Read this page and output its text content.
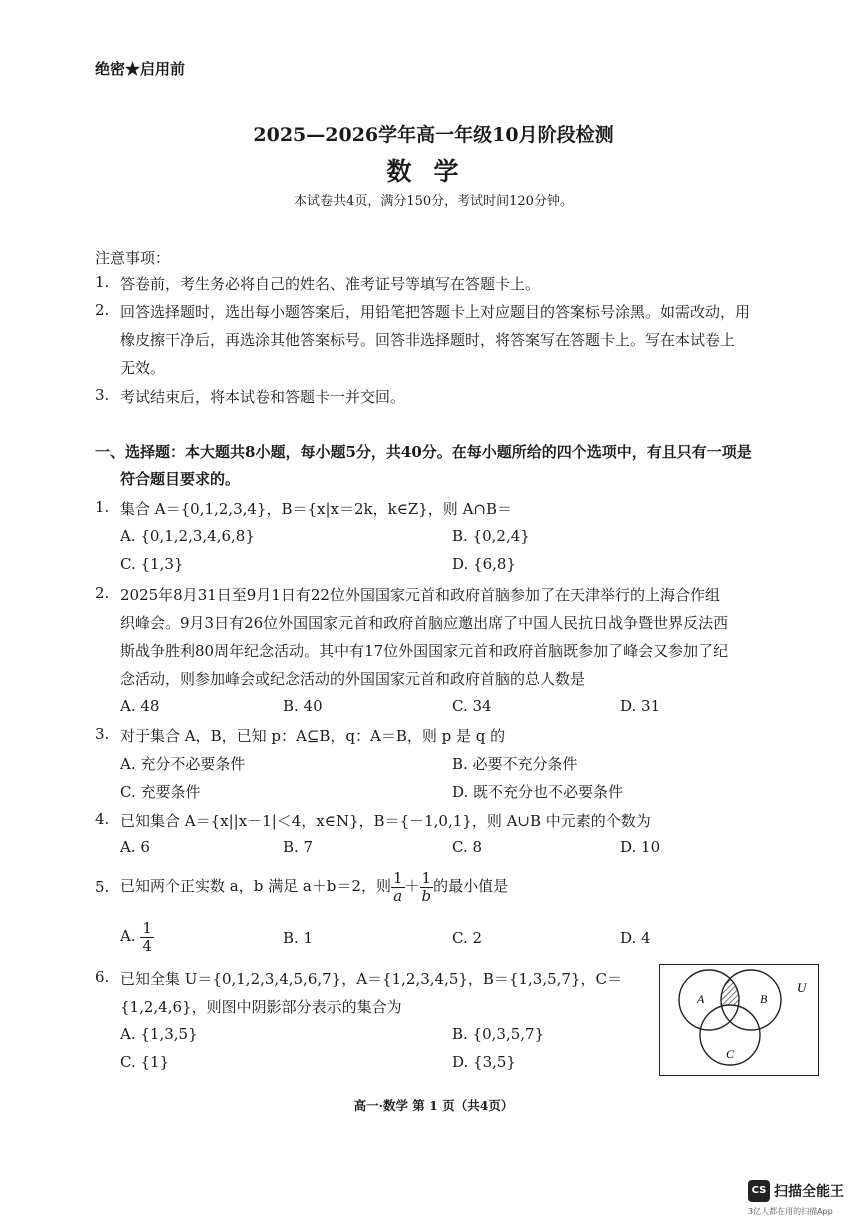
绝密★启用前
2025—2026学年高一年级10月阶段检测
数学
本试卷共4页，满分150分，考试时间120分钟。
注意事项：
1. 答卷前，考生务必将自己的姓名、准考证号等填写在答题卡上。
2. 回答选择题时，选出每小题答案后，用铅笔把答题卡上对应题目的答案标号涂黑。如需改动，用
橡皮擦干净后，再选涂其他答案标号。回答非选择题时，将答案写在答题卡上。写在本试卷上
无效。
3. 考试结束后，将本试卷和答题卡一并交回。
一、选择题：本大题共8小题，每小题5分，共40分。在每小题所给的四个选项中，有且只有一项是
符合题目要求的。
1. 集合 A＝{0,1,2,3,4}，B＝{x|x＝2k，k∈Z}，则 A∩B＝
A. {0,1,2,3,4,6,8}	B. {0,2,4}
C. {1,3}	D. {6,8}
2. 2025年8月31日至9月1日有22位外国国家元首和政府首脑参加了在天津举行的上海合作组
织峰会。9月3日有26位外国国家元首和政府首脑应邀出席了中国人民抗日战争暨世界反法西
斯战争胜利80周年纪念活动。其中有17位外国国家元首和政府首脑既参加了峰会又参加了纪
念活动，则参加峰会或纪念活动的外国国家元首和政府首脑的总人数是
A. 48	B. 40	C. 34	D. 31
3. 对于集合 A，B，已知 p：A⊆B，q：A＝B，则 p 是 q 的
A. 充分不必要条件	B. 必要不充分条件
C. 充要条件	D. 既不充分也不必要条件
4. 已知集合 A＝{x||x－1|＜4，x∈N}，B＝{－1,0,1}，则 A∪B 中元素的个数为
A. 6	B. 7	C. 8	D. 10
5. 已知两个正实数 a，b 满足 a＋b＝2，则 $\frac{1}{a} + \frac{1}{b}$ 的最小值是
A. $\frac{1}{4}$	B. 1	C. 2	D. 4
6. 已知全集 U＝{0,1,2,3,4,5,6,7}，A＝{1,2,3,4,5}，B＝{1,3,5,7}，C＝
{1,2,4,6}，则图中阴影部分表示的集合为
A. {1,3,5}	B. {0,3,5,7}
C. {1}	D. {3,5}
A	B
C
U
高一·数学 第 1 页（共4页）
CS 扫描全能王
3亿人都在用的扫描App
